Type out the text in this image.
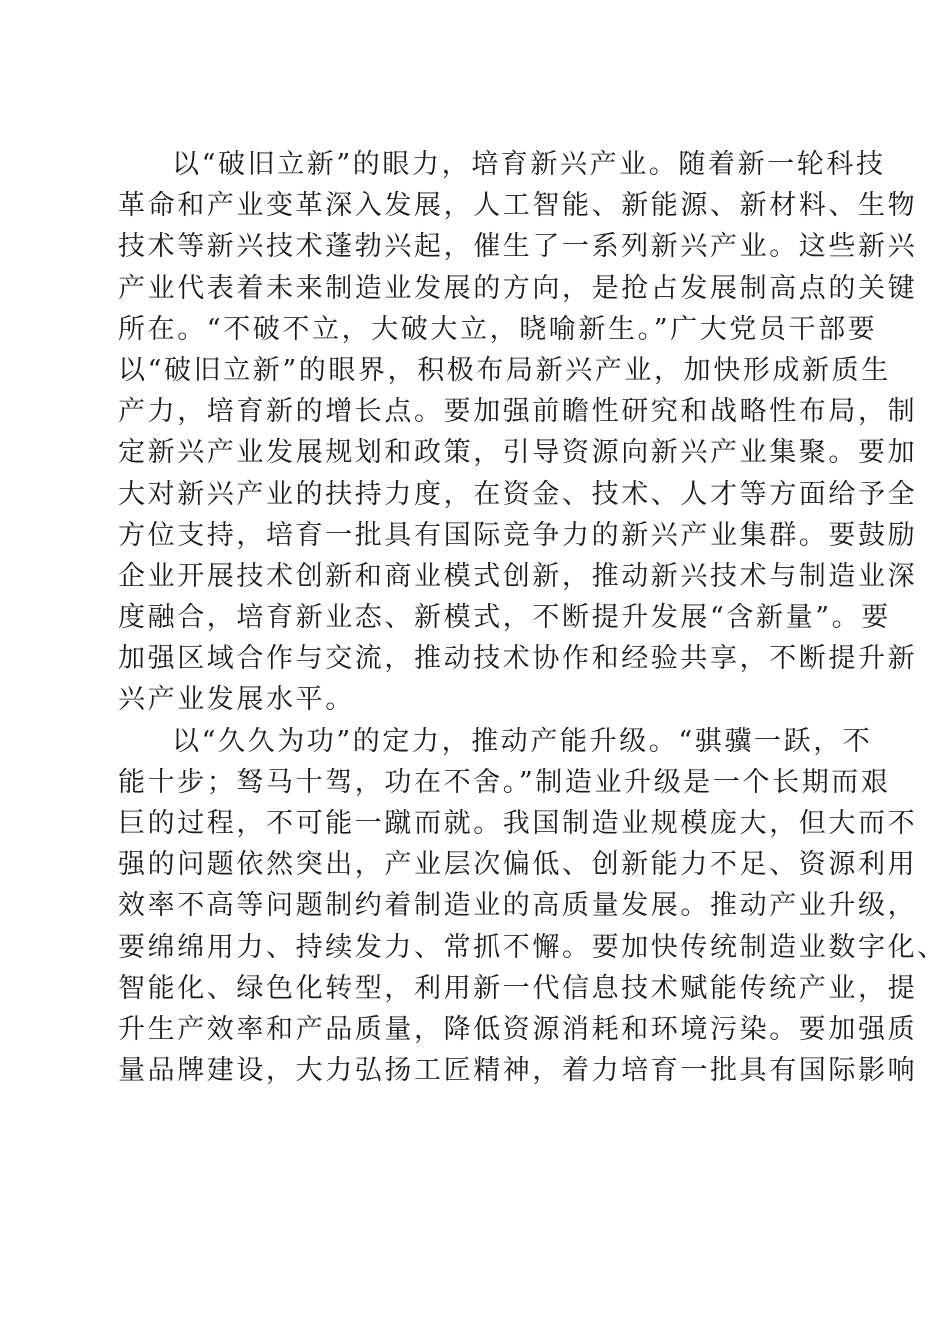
以“破旧立新”的眼力，培育新兴产业。随着新一轮科技
革命和产业变革深入发展，人工智能、新能源、新材料、生物
技术等新兴技术蓬勃兴起，催生了一系列新兴产业。这些新兴
产业代表着未来制造业发展的方向，是抢占发展制高点的关键
所在。“不破不立，大破大立，晓喻新生。”广大党员干部要
以“破旧立新”的眼界，积极布局新兴产业，加快形成新质生
产力，培育新的增长点。要加强前瞻性研究和战略性布局，制
定新兴产业发展规划和政策，引导资源向新兴产业集聚。要加
大对新兴产业的扶持力度，在资金、技术、人才等方面给予全
方位支持，培育一批具有国际竞争力的新兴产业集群。要鼓励
企业开展技术创新和商业模式创新，推动新兴技术与制造业深
度融合，培育新业态、新模式，不断提升发展“含新量”。要
加强区域合作与交流，推动技术协作和经验共享，不断提升新
兴产业发展水平。
以“久久为功”的定力，推动产能升级。“骐骥一跃，不
能十步；驽马十驾，功在不舍。”制造业升级是一个长期而艰
巨的过程，不可能一蹴而就。我国制造业规模庞大，但大而不
强的问题依然突出，产业层次偏低、创新能力不足、资源利用
效率不高等问题制约着制造业的高质量发展。推动产业升级，
要绵绵用力、持续发力、常抓不懈。要加快传统制造业数字化、
智能化、绿色化转型，利用新一代信息技术赋能传统产业，提
升生产效率和产品质量，降低资源消耗和环境污染。要加强质
量品牌建设，大力弘扬工匠精神，着力培育一批具有国际影响
